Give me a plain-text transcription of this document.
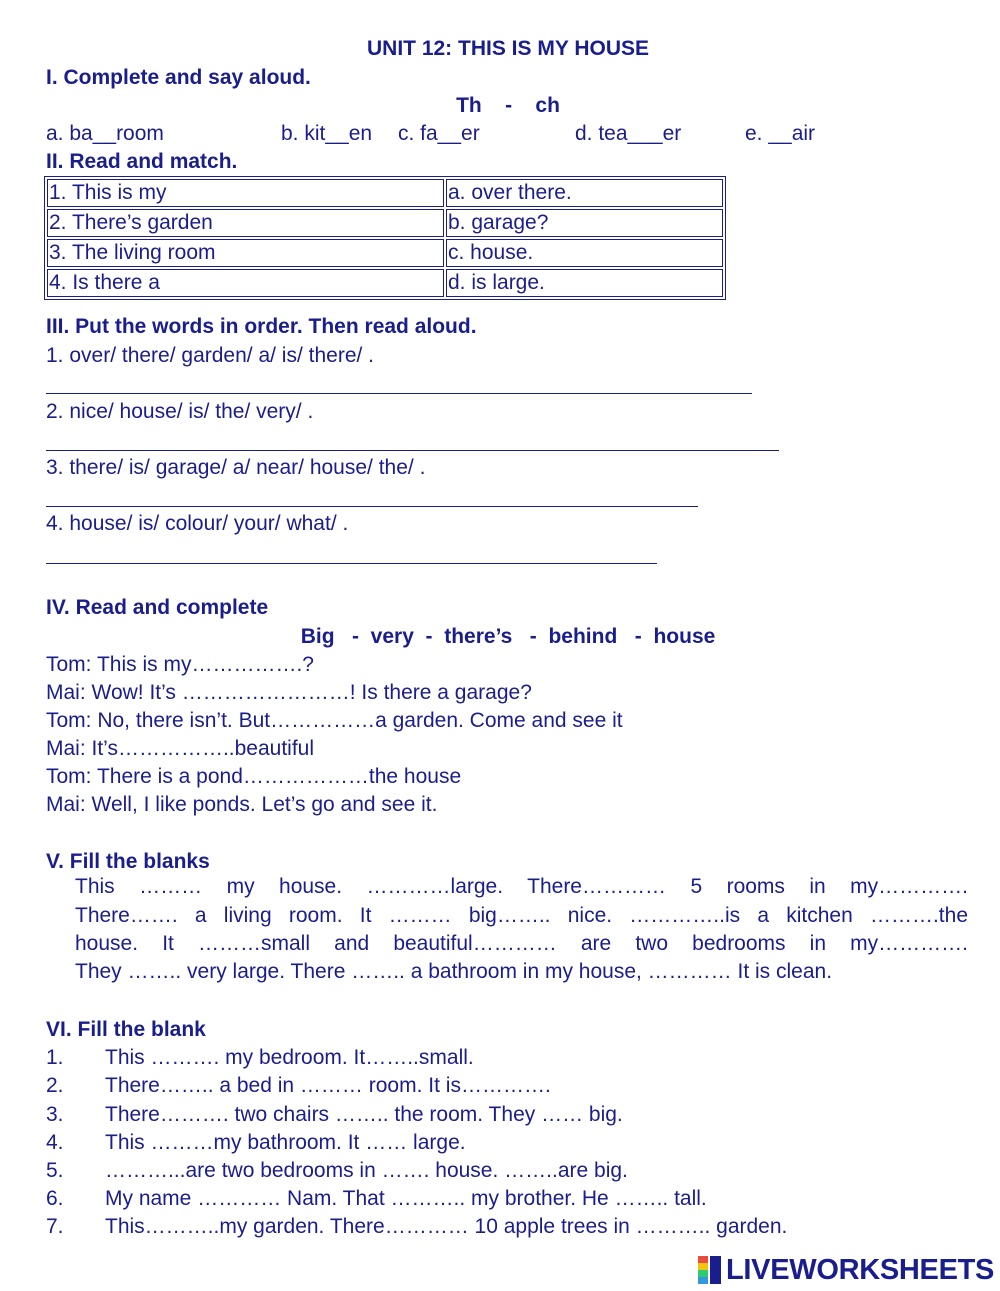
UNIT 12: THIS IS MY HOUSE
I. Complete and say aloud.
Th    -    ch
a. ba__room	b. kit__en c. fa__er	d. tea___er	e. __air
II. Read and match.
1. This is my	a. over there.
2. There’s garden	b. garage?
3. The living room	c. house.
4. Is there a	d. is large.
III. Put the words in order. Then read aloud.
1. over/ there/ garden/ a/ is/ there/ .
2. nice/ house/ is/ the/ very/ .
3. there/ is/ garage/ a/ near/ house/ the/ .
4. house/ is/ colour/ your/ what/ .
IV. Read and complete
Big   -  very  -  there’s   -  behind   -  house
Tom: This is my…………….?
Mai: Wow! It’s ……………………! Is there a garage?
Tom: No, there isn’t. But……………a garden. Come and see it
Mai: It’s……………..beautiful
Tom: There is a pond………………the house
Mai: Well, I like ponds. Let’s go and see it.
V. Fill the blanks
This ……… my house. …………large. There………… 5 rooms in my………….
There……. a living room. It ……… big…….. nice. …………..is a kitchen ……….the
house. It ………small and beautiful………… are two bedrooms in my………….
They …….. very large. There …….. a bathroom in my house, ………… It is clean.
VI. Fill the blank
1. This ………. my bedroom. It……..small.
2. There…….. a bed in ……… room. It is………….
3. There………. two chairs …….. the room. They …… big.
4. This ………my bathroom. It …… large.
5. ………...are two bedrooms in ……. house. ……..are big.
6. My name ………… Nam. That ……….. my brother. He …….. tall.
7. This………..my garden. There………… 10 apple trees in ……….. garden.
LIVEWORKSHEETS
